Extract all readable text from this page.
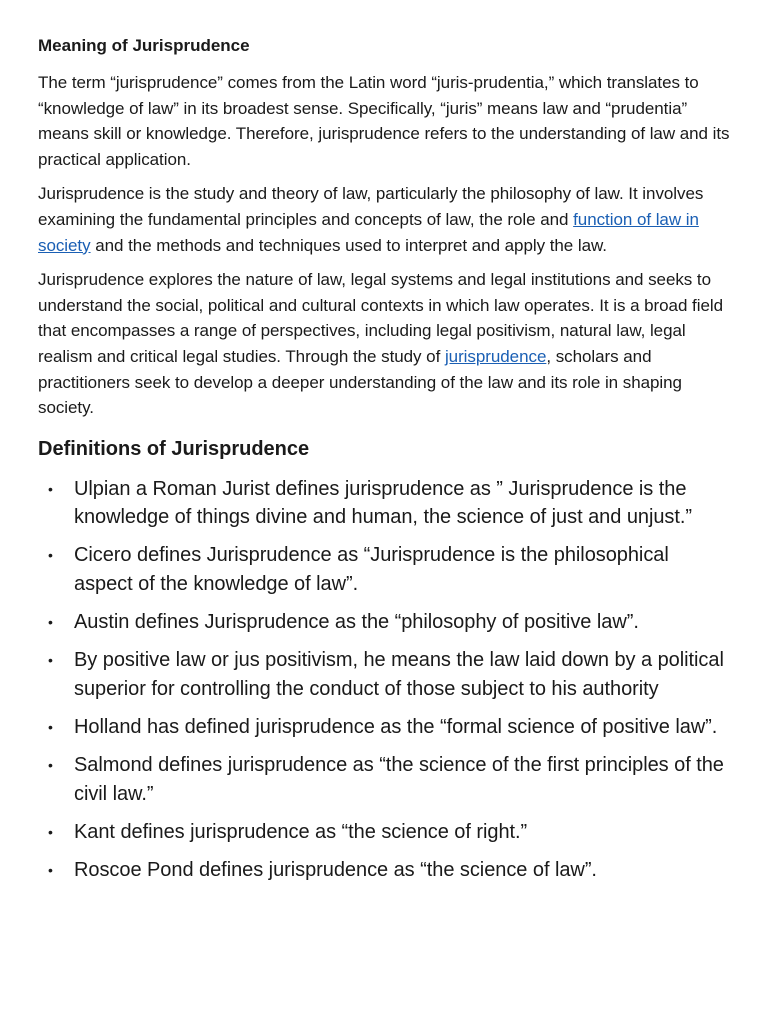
Meaning of Jurisprudence

The term “jurisprudence” comes from the Latin word “juris-prudentia,” which translates to “knowledge of law” in its broadest sense. Specifically, “juris” means law and “prudentia” means skill or knowledge. Therefore, jurisprudence refers to the understanding of law and its practical application.

Jurisprudence is the study and theory of law, particularly the philosophy of law. It involves examining the fundamental principles and concepts of law, the role and function of law in society and the methods and techniques used to interpret and apply the law.

Jurisprudence explores the nature of law, legal systems and legal institutions and seeks to understand the social, political and cultural contexts in which law operates. It is a broad field that encompasses a range of perspectives, including legal positivism, natural law, legal realism and critical legal studies. Through the study of jurisprudence, scholars and practitioners seek to develop a deeper understanding of the law and its role in shaping society.

Definitions of Jurisprudence
• Ulpian a Roman Jurist defines jurisprudence as ” Jurisprudence is the knowledge of things divine and human, the science of just and unjust.”
• Cicero defines Jurisprudence as “Jurisprudence is the philosophical aspect of the knowledge of law”.
• Austin defines Jurisprudence as the “philosophy of positive law”.
• By positive law or jus positivism, he means the law laid down by a political superior for controlling the conduct of those subject to his authority
• Holland has defined jurisprudence as the “formal science of positive law”.
• Salmond defines jurisprudence as “the science of the first principles of the civil law.”
• Kant defines jurisprudence as “the science of right.”
• Roscoe Pond defines jurisprudence as “the science of law”.
